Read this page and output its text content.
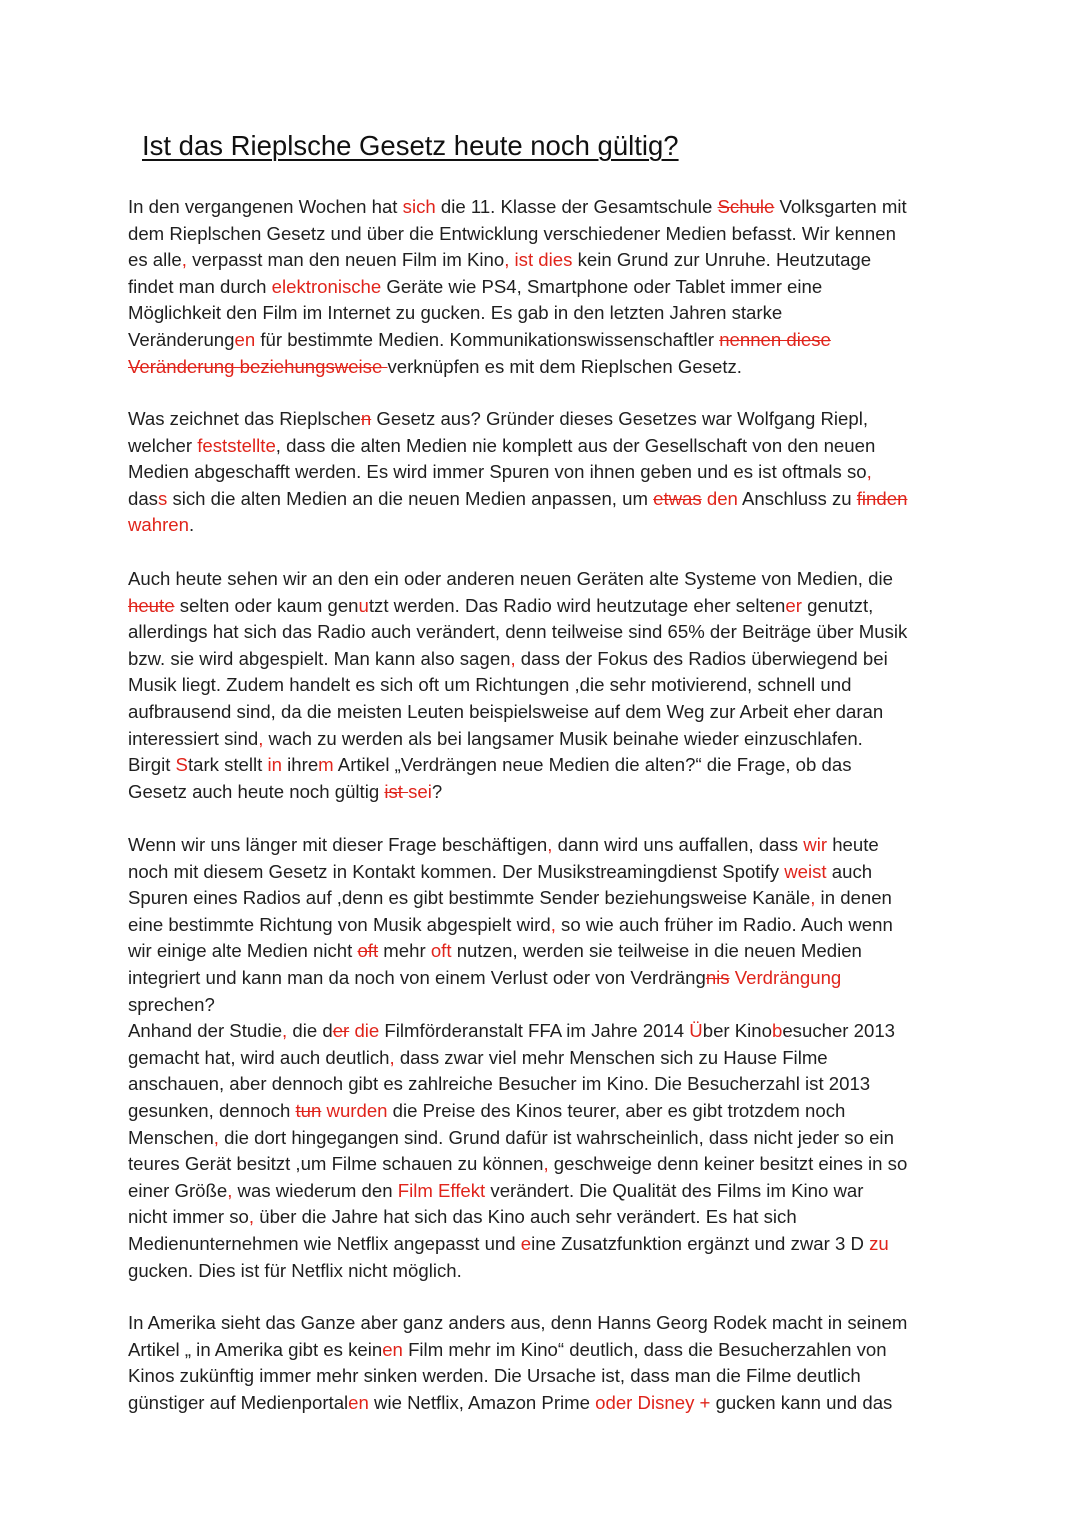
Ist das Rieplsche Gesetz heute noch gültig?
In den vergangenen Wochen hat sich die 11. Klasse der Gesamtschule Schule Volksgarten mit
dem Rieplschen Gesetz und über die Entwicklung verschiedener Medien befasst. Wir kennen
es alle, verpasst man den neuen Film im Kino, ist dies kein Grund zur Unruhe. Heutzutage
findet man durch elektronische Geräte wie PS4, Smartphone oder Tablet immer eine
Möglichkeit den Film im Internet zu gucken. Es gab in den letzten Jahren starke
Veränderungen für bestimmte Medien. Kommunikationswissenschaftler nennen diese
Veränderung beziehungsweise verknüpfen es mit dem Rieplschen Gesetz.
Was zeichnet das Rieplschen Gesetz aus? Gründer dieses Gesetzes war Wolfgang Riepl,
welcher feststellte, dass die alten Medien nie komplett aus der Gesellschaft von den neuen
Medien abgeschafft werden. Es wird immer Spuren von ihnen geben und es ist oftmals so,
dass sich die alten Medien an die neuen Medien anpassen, um etwas den Anschluss zu finden
wahren.
Auch heute sehen wir an den ein oder anderen neuen Geräten alte Systeme von Medien, die
heute selten oder kaum genutzt werden. Das Radio wird heutzutage eher seltener genutzt,
allerdings hat sich das Radio auch verändert, denn teilweise sind 65% der Beiträge über Musik
bzw. sie wird abgespielt. Man kann also sagen, dass der Fokus des Radios überwiegend bei
Musik liegt. Zudem handelt es sich oft um Richtungen ,die sehr motivierend, schnell und
aufbrausend sind, da die meisten Leuten beispielsweise auf dem Weg zur Arbeit eher daran
interessiert sind, wach zu werden als bei langsamer Musik beinahe wieder einzuschlafen.
Birgit Stark stellt in ihrem Artikel „Verdrängen neue Medien die alten?“ die Frage, ob das
Gesetz auch heute noch gültig ist sei?
Wenn wir uns länger mit dieser Frage beschäftigen, dann wird uns auffallen, dass wir heute
noch mit diesem Gesetz in Kontakt kommen. Der Musikstreamingdienst Spotify weist auch
Spuren eines Radios auf ,denn es gibt bestimmte Sender beziehungsweise Kanäle, in denen
eine bestimmte Richtung von Musik abgespielt wird, so wie auch früher im Radio. Auch wenn
wir einige alte Medien nicht oft mehr oft nutzen, werden sie teilweise in die neuen Medien
integriert und kann man da noch von einem Verlust oder von Verdrängnis Verdrängung
sprechen?
Anhand der Studie, die der die Filmförderanstalt FFA im Jahre 2014 Über Kinobesucher 2013
gemacht hat, wird auch deutlich, dass zwar viel mehr Menschen sich zu Hause Filme
anschauen, aber dennoch gibt es zahlreiche Besucher im Kino. Die Besucherzahl ist 2013
gesunken, dennoch tun wurden die Preise des Kinos teurer, aber es gibt trotzdem noch
Menschen, die dort hingegangen sind. Grund dafür ist wahrscheinlich, dass nicht jeder so ein
teures Gerät besitzt ,um Filme schauen zu können, geschweige denn keiner besitzt eines in so
einer Größe, was wiederum den Film Effekt verändert. Die Qualität des Films im Kino war
nicht immer so, über die Jahre hat sich das Kino auch sehr verändert. Es hat sich
Medienunternehmen wie Netflix angepasst und eine Zusatzfunktion ergänzt und zwar 3 D zu
gucken. Dies ist für Netflix nicht möglich.
In Amerika sieht das Ganze aber ganz anders aus, denn Hanns Georg Rodek macht in seinem
Artikel „ in Amerika gibt es keinen Film mehr im Kino“ deutlich, dass die Besucherzahlen von
Kinos zukünftig immer mehr sinken werden. Die Ursache ist, dass man die Filme deutlich
günstiger auf Medienportalen wie Netflix, Amazon Prime oder Disney + gucken kann und das
